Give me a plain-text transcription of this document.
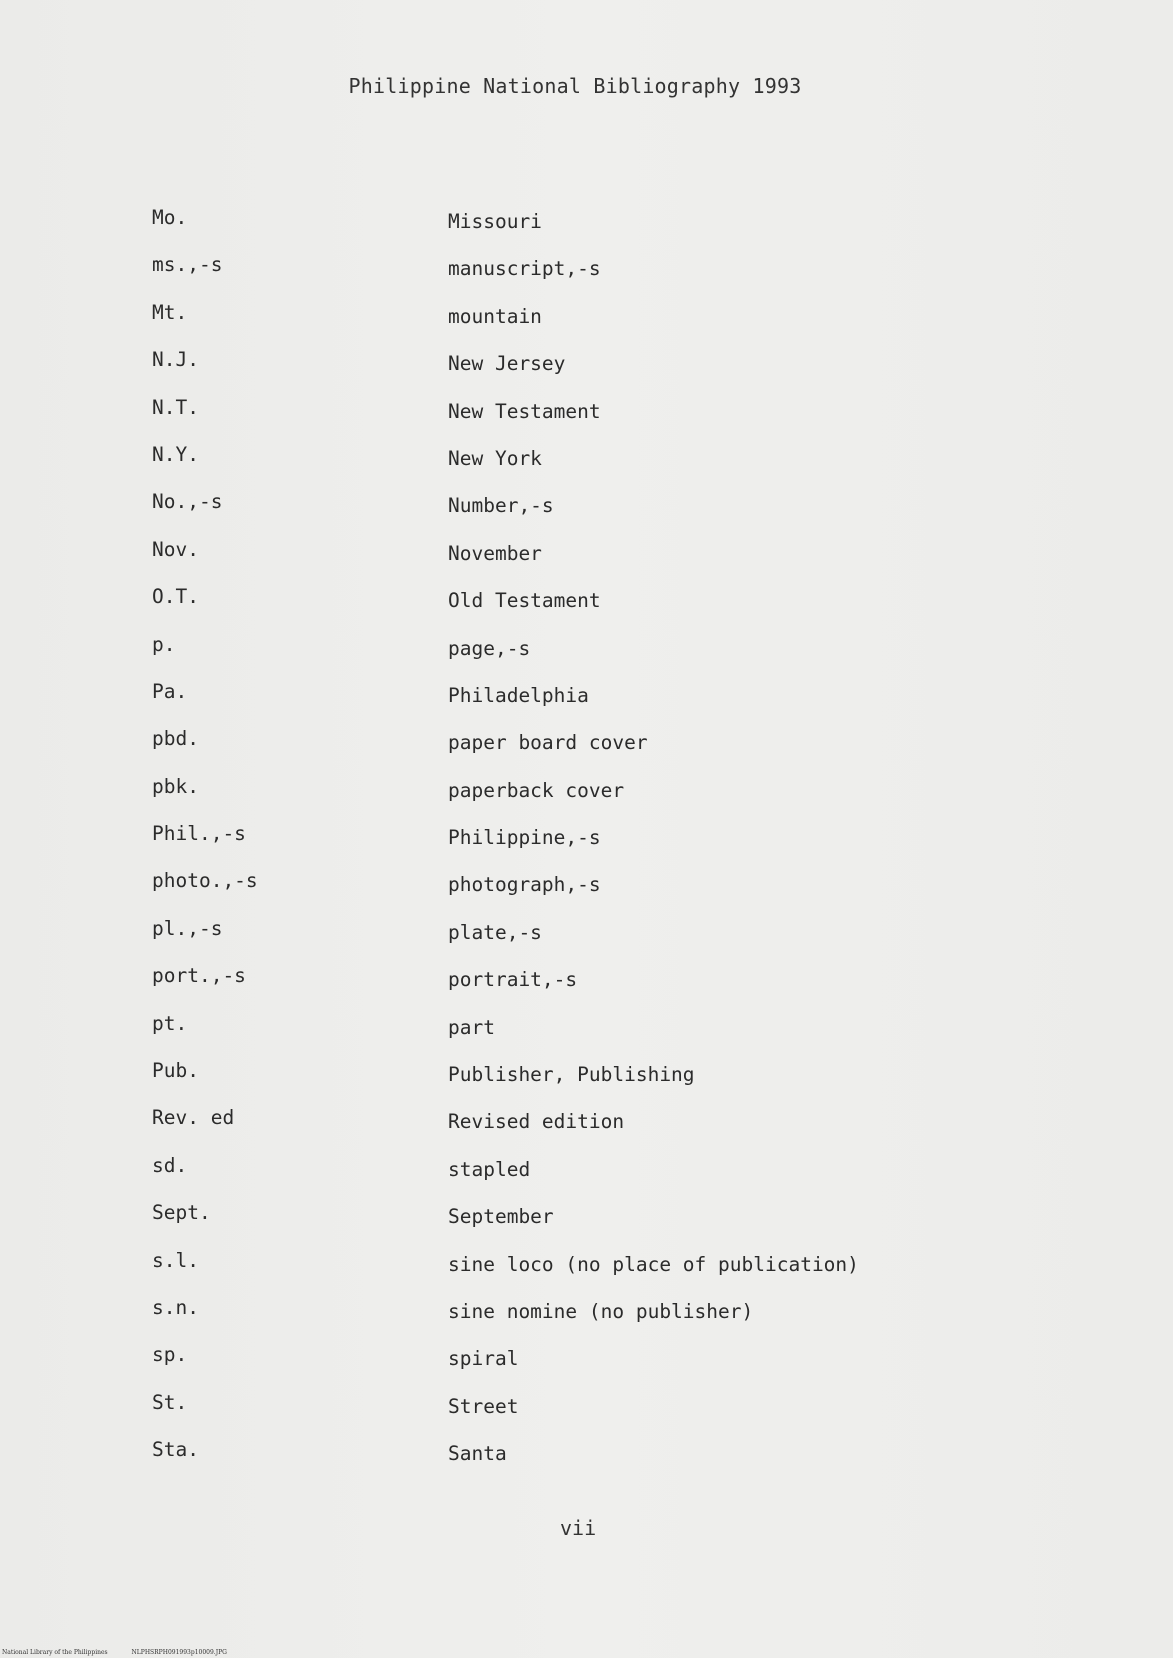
Philippine National Bibliography 1993
Mo.	Missouri
ms.,-s	manuscript,-s
Mt.	mountain
N.J.	New Jersey
N.T.	New Testament
N.Y.	New York
No.,-s	Number,-s
Nov.	November
O.T.	Old Testament
p.	page,-s
Pa.	Philadelphia
pbd.	paper board cover
pbk.	paperback cover
Phil.,-s	Philippine,-s
photo.,-s	photograph,-s
pl.,-s	plate,-s
port.,-s	portrait,-s
pt.	part
Pub.	Publisher, Publishing
Rev. ed	Revised edition
sd.	stapled
Sept.	September
s.l.	sine loco (no place of publication)
s.n.	sine nomine (no publisher)
sp.	spiral
St.	Street
Sta.	Santa
vii
National Library of the Philippines	NLPHSRPH091993p10009.JPG
